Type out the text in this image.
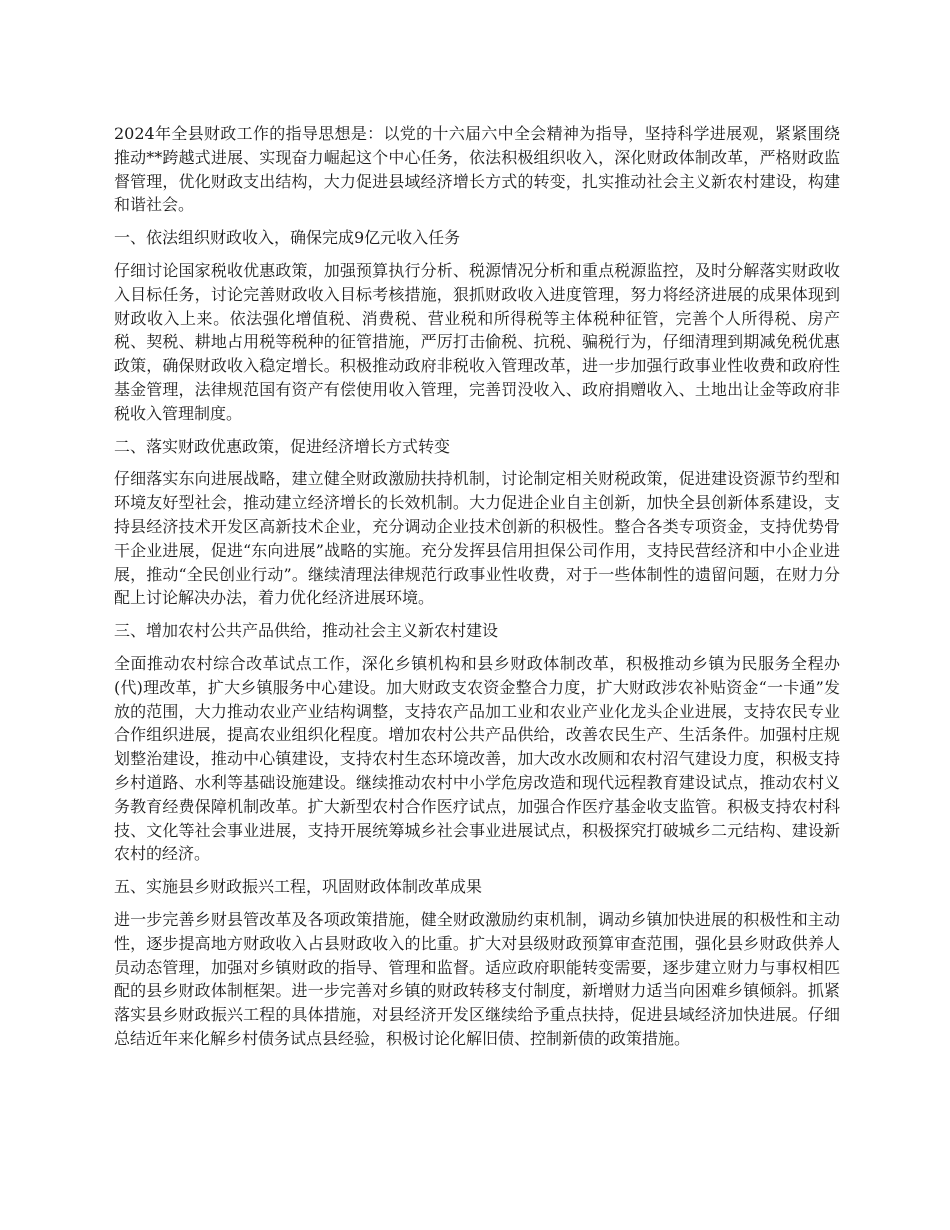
2024年全县财政工作的指导思想是：以党的十六届六中全会精神为指导，坚持科学进展观，紧紧围绕推动**跨越式进展、实现奋力崛起这个中心任务，依法积极组织收入，深化财政体制改革，严格财政监督管理，优化财政支出结构，大力促进县域经济增长方式的转变，扎实推动社会主义新农村建设，构建和谐社会。

一、依法组织财政收入，确保完成9亿元收入任务

仔细讨论国家税收优惠政策，加强预算执行分析、税源情况分析和重点税源监控，及时分解落实财政收入目标任务，讨论完善财政收入目标考核措施，狠抓财政收入进度管理，努力将经济进展的成果体现到财政收入上来。依法强化增值税、消费税、营业税和所得税等主体税种征管，完善个人所得税、房产税、契税、耕地占用税等税种的征管措施，严厉打击偷税、抗税、骗税行为，仔细清理到期减免税优惠政策，确保财政收入稳定增长。积极推动政府非税收入管理改革，进一步加强行政事业性收费和政府性基金管理，法律规范国有资产有偿使用收入管理，完善罚没收入、政府捐赠收入、土地出让金等政府非税收入管理制度。

二、落实财政优惠政策，促进经济增长方式转变

仔细落实东向进展战略，建立健全财政激励扶持机制，讨论制定相关财税政策，促进建设资源节约型和环境友好型社会，推动建立经济增长的长效机制。大力促进企业自主创新，加快全县创新体系建设，支持县经济技术开发区高新技术企业，充分调动企业技术创新的积极性。整合各类专项资金，支持优势骨干企业进展，促进“东向进展”战略的实施。充分发挥县信用担保公司作用，支持民营经济和中小企业进展，推动“全民创业行动”。继续清理法律规范行政事业性收费，对于一些体制性的遗留问题，在财力分配上讨论解决办法，着力优化经济进展环境。

三、增加农村公共产品供给，推动社会主义新农村建设

全面推动农村综合改革试点工作，深化乡镇机构和县乡财政体制改革，积极推动乡镇为民服务全程办(代)理改革，扩大乡镇服务中心建设。加大财政支农资金整合力度，扩大财政涉农补贴资金“一卡通”发放的范围，大力推动农业产业结构调整，支持农产品加工业和农业产业化龙头企业进展，支持农民专业合作组织进展，提高农业组织化程度。增加农村公共产品供给，改善农民生产、生活条件。加强村庄规划整治建设，推动中心镇建设，支持农村生态环境改善，加大改水改厕和农村沼气建设力度，积极支持乡村道路、水利等基础设施建设。继续推动农村中小学危房改造和现代远程教育建设试点，推动农村义务教育经费保障机制改革。扩大新型农村合作医疗试点，加强合作医疗基金收支监管。积极支持农村科技、文化等社会事业进展，支持开展统筹城乡社会事业进展试点，积极探究打破城乡二元结构、建设新农村的经济。

五、实施县乡财政振兴工程，巩固财政体制改革成果

进一步完善乡财县管改革及各项政策措施，健全财政激励约束机制，调动乡镇加快进展的积极性和主动性，逐步提高地方财政收入占县财政收入的比重。扩大对县级财政预算审查范围，强化县乡财政供养人员动态管理，加强对乡镇财政的指导、管理和监督。适应政府职能转变需要，逐步建立财力与事权相匹配的县乡财政体制框架。进一步完善对乡镇的财政转移支付制度，新增财力适当向困难乡镇倾斜。抓紧落实县乡财政振兴工程的具体措施，对县经济开发区继续给予重点扶持，促进县域经济加快进展。仔细总结近年来化解乡村债务试点县经验，积极讨论化解旧债、控制新债的政策措施。
